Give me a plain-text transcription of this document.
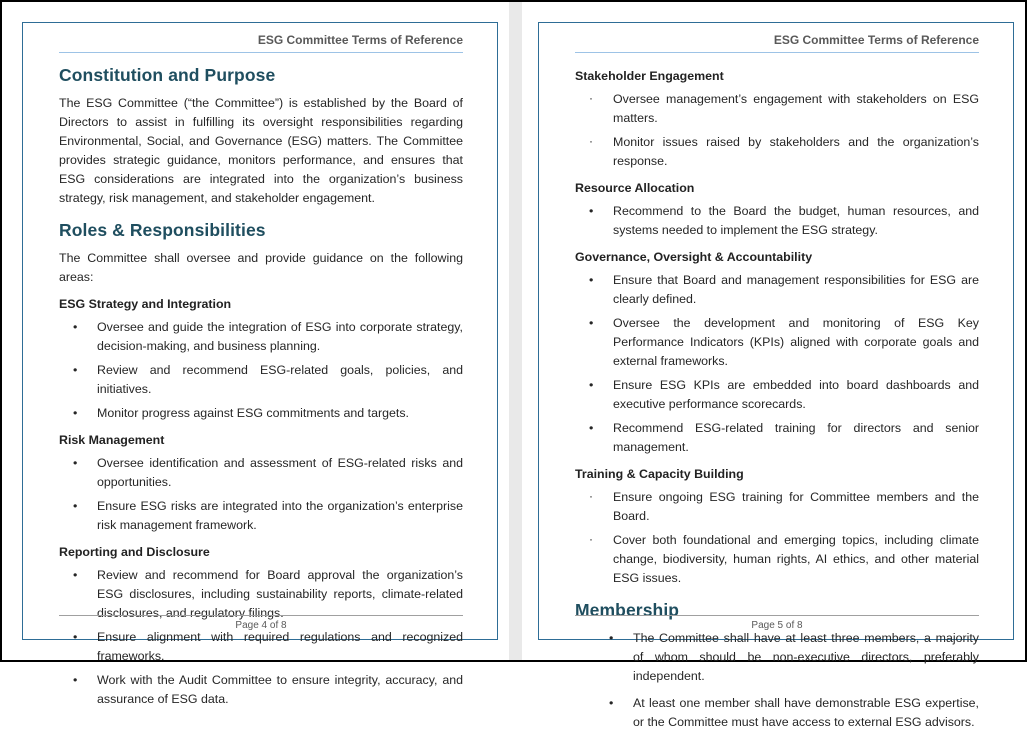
ESG Committee Terms of Reference
Constitution and Purpose

The ESG Committee (“the Committee”) is established by the Board of Directors to assist in fulfilling its oversight responsibilities regarding Environmental, Social, and Governance (ESG) matters. The Committee provides strategic guidance, monitors performance, and ensures that ESG considerations are integrated into the organization’s business strategy, risk management, and stakeholder engagement.

Roles & Responsibilities

The Committee shall oversee and provide guidance on the following areas:

ESG Strategy and Integration
• Oversee and guide the integration of ESG into corporate strategy, decision-making, and business planning.
• Review and recommend ESG-related goals, policies, and initiatives.
• Monitor progress against ESG commitments and targets.
Risk Management
• Oversee identification and assessment of ESG-related risks and opportunities.
• Ensure ESG risks are integrated into the organization’s enterprise risk management framework.
Reporting and Disclosure
• Review and recommend for Board approval the organization’s ESG disclosures, including sustainability reports, climate-related disclosures, and regulatory filings.
• Ensure alignment with required regulations and recognized frameworks.
• Work with the Audit Committee to ensure integrity, accuracy, and assurance of ESG data.
Page 4 of 8
ESG Committee Terms of Reference
Stakeholder Engagement
· Oversee management’s engagement with stakeholders on ESG matters.
· Monitor issues raised by stakeholders and the organization’s response.
Resource Allocation
• Recommend to the Board the budget, human resources, and systems needed to implement the ESG strategy.
Governance, Oversight & Accountability
• Ensure that Board and management responsibilities for ESG are clearly defined.
• Oversee the development and monitoring of ESG Key Performance Indicators (KPIs) aligned with corporate goals and external frameworks.
• Ensure ESG KPIs are embedded into board dashboards and executive performance scorecards.
• Recommend ESG-related training for directors and senior management.
Training & Capacity Building
· Ensure ongoing ESG training for Committee members and the Board.
· Cover both foundational and emerging topics, including climate change, biodiversity, human rights, AI ethics, and other material ESG issues.
Membership
• The Committee shall have at least three members, a majority of whom should be non-executive directors, preferably independent.
• At least one member shall have demonstrable ESG expertise, or the Committee must have access to external ESG advisors.
Page 5 of 8
